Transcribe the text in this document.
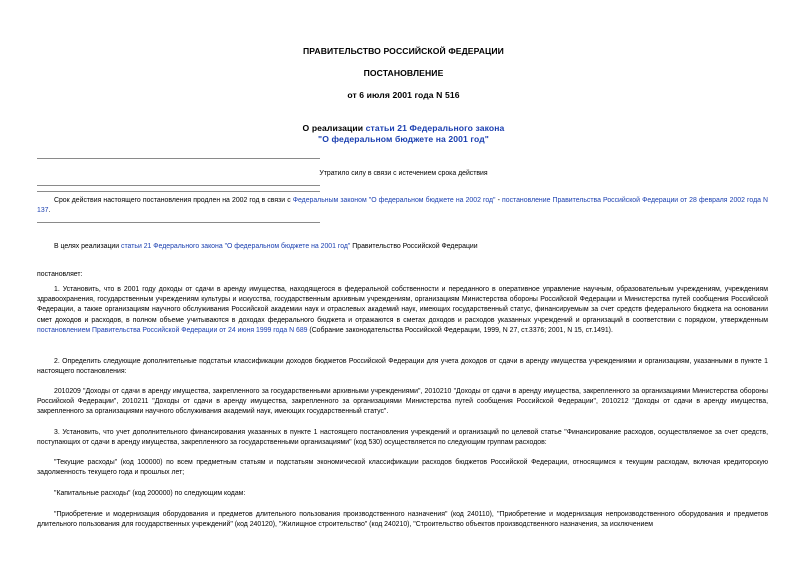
ПРАВИТЕЛЬСТВО РОССИЙСКОЙ ФЕДЕРАЦИИ
ПОСТАНОВЛЕНИЕ
от 6 июля 2001 года N 516
О реализации статьи 21 Федерального закона
"О федеральном бюджете на 2001 год"
Утратило силу в связи с истечением срока действия
Срок действия настоящего постановления продлен на 2002 год в связи с Федеральным законом "О федеральном бюджете на 2002 год" - постановление Правительства Российской Федерации от 28 февраля 2002 года N 137.
В целях реализации статьи 21 Федерального закона "О федеральном бюджете на 2001 год" Правительство Российской Федерации
постановляет:
1. Установить, что в 2001 году доходы от сдачи в аренду имущества, находящегося в федеральной собственности и переданного в оперативное управление научным, образовательным учреждениям, учреждениям здравоохранения, государственным учреждениям культуры и искусства, государственным архивным учреждениям, организациям Министерства обороны Российской Федерации и Министерства путей сообщения Российской Федерации, а также организациям научного обслуживания Российской академии наук и отраслевых академий наук, имеющих государственный статус, финансируемым за счет средств федерального бюджета на основании смет доходов и расходов, в полном объеме учитываются в доходах федерального бюджета и отражаются в сметах доходов и расходов указанных учреждений и организаций в соответствии с порядком, утвержденным постановлением Правительства Российской Федерации от 24 июня 1999 года N 689 (Собрание законодательства Российской Федерации, 1999, N 27, ст.3376; 2001, N 15, ст.1491).
2. Определить следующие дополнительные подстатьи классификации доходов бюджетов Российской Федерации для учета доходов от сдачи в аренду имущества учреждениями и организациям, указанными в пункте 1 настоящего постановления:
2010209 "Доходы от сдачи в аренду имущества, закрепленного за государственными архивными учреждениями", 2010210 "Доходы от сдачи в аренду имущества, закрепленного за организациями Министерства обороны Российской Федерации", 2010211 "Доходы от сдачи в аренду имущества, закрепленного за организациями Министерства путей сообщения Российской Федерации", 2010212 "Доходы от сдачи в аренду имущества, закрепленного за организациями научного обслуживания академий наук, имеющих государственный статус".
3. Установить, что учет дополнительного финансирования указанных в пункте 1 настоящего постановления учреждений и организаций по целевой статье "Финансирование расходов, осуществляемое за счет средств, поступающих от сдачи в аренду имущества, закрепленного за государственными организациями" (код 530) осуществляется по следующим группам расходов:
"Текущие расходы" (код 100000) по всем предметным статьям и подстатьям экономической классификации расходов бюджетов Российской Федерации, относящимся к текущим расходам, включая кредиторскую задолженность текущего года и прошлых лет;
"Капитальные расходы" (код 200000) по следующим кодам:
"Приобретение и модернизация оборудования и предметов длительного пользования производственного назначения" (код 240110), "Приобретение и модернизация непроизводственного оборудования и предметов длительного пользования для государственных учреждений" (код 240120), "Жилищное строительство" (код 240210), "Строительство объектов производственного назначения, за исключением
